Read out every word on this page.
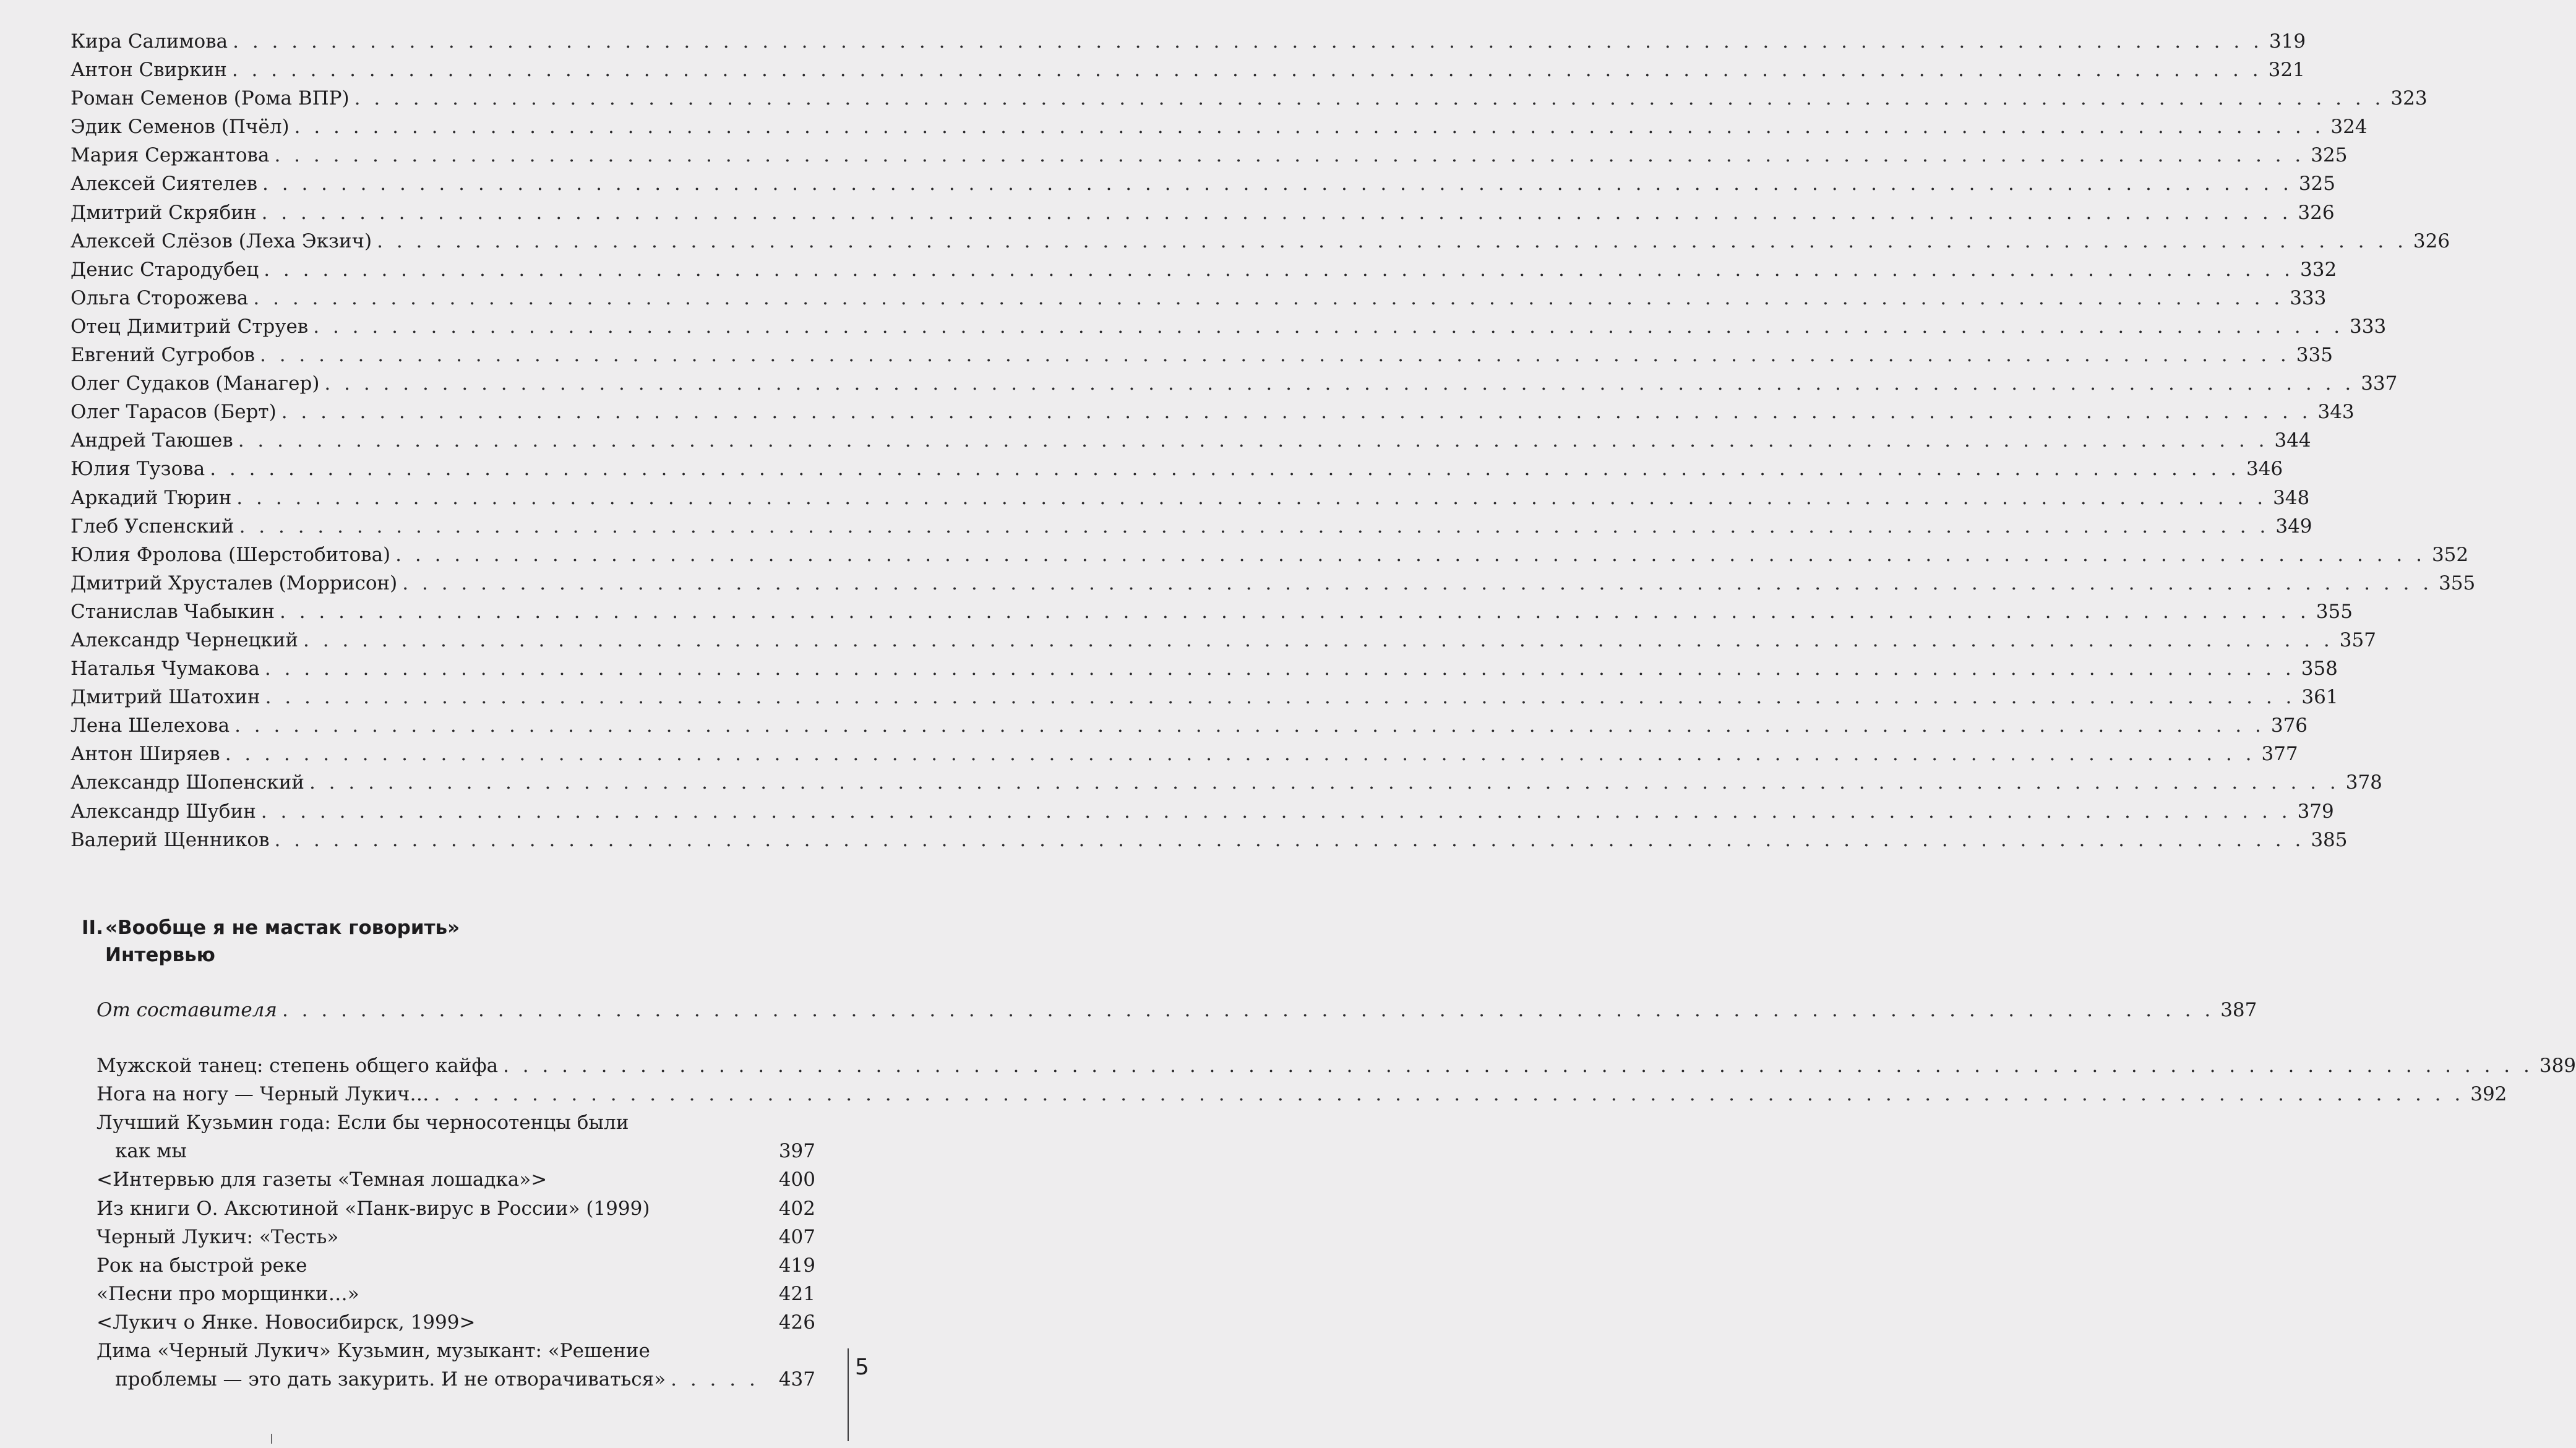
Кира Салимова . . . . . . . . . . . . . . . . . . . . . . . . . . . . . . . . . . . . . . . . . . . . . . . . . . . . . . . . . . . . . . . . . . . . . . . . . . . . . . . . . . . . . . . . . . . . . . . . . . . . . . . . 319
Антон Свиркин . . . . . . . . . . . . . . . . . . . . . . . . . . . . . . . . . . . . . . . . . . . . . . . . . . . . . . . . . . . . . . . . . . . . . . . . . . . . . . . . . . . . . . . . . . . . . . . . . . . . . . . . 321
Роман Семенов (Рома ВПР) . . . . . . . . . . . . . . . . . . . . . . . . . . . . . . . . . . . . . . . . . . . . . . . . . . . . . . . . . . . . . . . . . . . . . . . . . . . . . . . . . . . . . . . . . . . . . . . . . . . . . . . . 323
Эдик Семенов (Пчёл) . . . . . . . . . . . . . . . . . . . . . . . . . . . . . . . . . . . . . . . . . . . . . . . . . . . . . . . . . . . . . . . . . . . . . . . . . . . . . . . . . . . . . . . . . . . . . . . . . . . . . . . . 324
Мария Сержантова . . . . . . . . . . . . . . . . . . . . . . . . . . . . . . . . . . . . . . . . . . . . . . . . . . . . . . . . . . . . . . . . . . . . . . . . . . . . . . . . . . . . . . . . . . . . . . . . . . . . . . . . 325
Алексей Сиятелев . . . . . . . . . . . . . . . . . . . . . . . . . . . . . . . . . . . . . . . . . . . . . . . . . . . . . . . . . . . . . . . . . . . . . . . . . . . . . . . . . . . . . . . . . . . . . . . . . . . . . . . . 325
Дмитрий Скрябин . . . . . . . . . . . . . . . . . . . . . . . . . . . . . . . . . . . . . . . . . . . . . . . . . . . . . . . . . . . . . . . . . . . . . . . . . . . . . . . . . . . . . . . . . . . . . . . . . . . . . . . . 326
Алексей Слёзов (Леха Экзич) . . . . . . . . . . . . . . . . . . . . . . . . . . . . . . . . . . . . . . . . . . . . . . . . . . . . . . . . . . . . . . . . . . . . . . . . . . . . . . . . . . . . . . . . . . . . . . . . . . . . . . . . 326
Денис Стародубец . . . . . . . . . . . . . . . . . . . . . . . . . . . . . . . . . . . . . . . . . . . . . . . . . . . . . . . . . . . . . . . . . . . . . . . . . . . . . . . . . . . . . . . . . . . . . . . . . . . . . . . . 332
Ольга Сторожева . . . . . . . . . . . . . . . . . . . . . . . . . . . . . . . . . . . . . . . . . . . . . . . . . . . . . . . . . . . . . . . . . . . . . . . . . . . . . . . . . . . . . . . . . . . . . . . . . . . . . . . . 333
Отец Димитрий Струев . . . . . . . . . . . . . . . . . . . . . . . . . . . . . . . . . . . . . . . . . . . . . . . . . . . . . . . . . . . . . . . . . . . . . . . . . . . . . . . . . . . . . . . . . . . . . . . . . . . . . . . . 333
Евгений Сугробов . . . . . . . . . . . . . . . . . . . . . . . . . . . . . . . . . . . . . . . . . . . . . . . . . . . . . . . . . . . . . . . . . . . . . . . . . . . . . . . . . . . . . . . . . . . . . . . . . . . . . . . . 335
Олег Судаков (Манагер) . . . . . . . . . . . . . . . . . . . . . . . . . . . . . . . . . . . . . . . . . . . . . . . . . . . . . . . . . . . . . . . . . . . . . . . . . . . . . . . . . . . . . . . . . . . . . . . . . . . . . . . . 337
Олег Тарасов (Берт) . . . . . . . . . . . . . . . . . . . . . . . . . . . . . . . . . . . . . . . . . . . . . . . . . . . . . . . . . . . . . . . . . . . . . . . . . . . . . . . . . . . . . . . . . . . . . . . . . . . . . . . . 343
Андрей Таюшев . . . . . . . . . . . . . . . . . . . . . . . . . . . . . . . . . . . . . . . . . . . . . . . . . . . . . . . . . . . . . . . . . . . . . . . . . . . . . . . . . . . . . . . . . . . . . . . . . . . . . . . . 344
Юлия Тузова . . . . . . . . . . . . . . . . . . . . . . . . . . . . . . . . . . . . . . . . . . . . . . . . . . . . . . . . . . . . . . . . . . . . . . . . . . . . . . . . . . . . . . . . . . . . . . . . . . . . . . . . 346
Аркадий Тюрин . . . . . . . . . . . . . . . . . . . . . . . . . . . . . . . . . . . . . . . . . . . . . . . . . . . . . . . . . . . . . . . . . . . . . . . . . . . . . . . . . . . . . . . . . . . . . . . . . . . . . . . . 348
Глеб Успенский . . . . . . . . . . . . . . . . . . . . . . . . . . . . . . . . . . . . . . . . . . . . . . . . . . . . . . . . . . . . . . . . . . . . . . . . . . . . . . . . . . . . . . . . . . . . . . . . . . . . . . . . 349
Юлия Фролова (Шерстобитова) . . . . . . . . . . . . . . . . . . . . . . . . . . . . . . . . . . . . . . . . . . . . . . . . . . . . . . . . . . . . . . . . . . . . . . . . . . . . . . . . . . . . . . . . . . . . . . . . . . . . . . . . 352
Дмитрий Хрусталев (Моррисон) . . . . . . . . . . . . . . . . . . . . . . . . . . . . . . . . . . . . . . . . . . . . . . . . . . . . . . . . . . . . . . . . . . . . . . . . . . . . . . . . . . . . . . . . . . . . . . . . . . . . . . . . 355
Станислав Чабыкин . . . . . . . . . . . . . . . . . . . . . . . . . . . . . . . . . . . . . . . . . . . . . . . . . . . . . . . . . . . . . . . . . . . . . . . . . . . . . . . . . . . . . . . . . . . . . . . . . . . . . . . . 355
Александр Чернецкий . . . . . . . . . . . . . . . . . . . . . . . . . . . . . . . . . . . . . . . . . . . . . . . . . . . . . . . . . . . . . . . . . . . . . . . . . . . . . . . . . . . . . . . . . . . . . . . . . . . . . . . . 357
Наталья Чумакова . . . . . . . . . . . . . . . . . . . . . . . . . . . . . . . . . . . . . . . . . . . . . . . . . . . . . . . . . . . . . . . . . . . . . . . . . . . . . . . . . . . . . . . . . . . . . . . . . . . . . . . . 358
Дмитрий Шатохин . . . . . . . . . . . . . . . . . . . . . . . . . . . . . . . . . . . . . . . . . . . . . . . . . . . . . . . . . . . . . . . . . . . . . . . . . . . . . . . . . . . . . . . . . . . . . . . . . . . . . . . . 361
Лена Шелехова . . . . . . . . . . . . . . . . . . . . . . . . . . . . . . . . . . . . . . . . . . . . . . . . . . . . . . . . . . . . . . . . . . . . . . . . . . . . . . . . . . . . . . . . . . . . . . . . . . . . . . . . 376
Антон Ширяев . . . . . . . . . . . . . . . . . . . . . . . . . . . . . . . . . . . . . . . . . . . . . . . . . . . . . . . . . . . . . . . . . . . . . . . . . . . . . . . . . . . . . . . . . . . . . . . . . . . . . . . . 377
Александр Шопенский . . . . . . . . . . . . . . . . . . . . . . . . . . . . . . . . . . . . . . . . . . . . . . . . . . . . . . . . . . . . . . . . . . . . . . . . . . . . . . . . . . . . . . . . . . . . . . . . . . . . . . . . 378
Александр Шубин . . . . . . . . . . . . . . . . . . . . . . . . . . . . . . . . . . . . . . . . . . . . . . . . . . . . . . . . . . . . . . . . . . . . . . . . . . . . . . . . . . . . . . . . . . . . . . . . . . . . . . . . 379
Валерий Щенников . . . . . . . . . . . . . . . . . . . . . . . . . . . . . . . . . . . . . . . . . . . . . . . . . . . . . . . . . . . . . . . . . . . . . . . . . . . . . . . . . . . . . . . . . . . . . . . . . . . . . . . . 385
II. «Вообще я не мастак говорить»
Интервью
От составителя . . . . . . . . . . . . . . . . . . . . . . . . . . . . . . . . . . . . . . . . . . . . . . . . . . . . . . . . . . . . . . . . . . . . . . . . . . . . . . . . . . . . . . . . . . . . . . . . . . . 387
Мужской танец: степень общего кайфа . . . . . . . . . . . . . . . . . . . . . . . . . . . . . . . . . . . . . . . . . . . . . . . . . . . . . . . . . . . . . . . . . . . . . . . . . . . . . . . . . . . . . . . . . . . . . . . . . . . . . . . . 389
Нога на ногу — Черный Лукич… . . . . . . . . . . . . . . . . . . . . . . . . . . . . . . . . . . . . . . . . . . . . . . . . . . . . . . . . . . . . . . . . . . . . . . . . . . . . . . . . . . . . . . . . . . . . . . . . . . . . . . . . 392
Лучший Кузьмин года: Если бы черносотенцы были
как мы	397
<Интервью для газеты «Темная лошадка»>	400
Из книги О. Аксютиной «Панк-вирус в России» (1999)	402
Черный Лукич: «Тесть»	407
Рок на быстрой реке	419
«Песни про морщинки…»	421
<Лукич о Янке. Новосибирск, 1999>	426
Дима «Черный Лукич» Кузьмин, музыкант: «Решение
проблемы — это дать закурить. И не отворачиваться» . . . . .	437 5
